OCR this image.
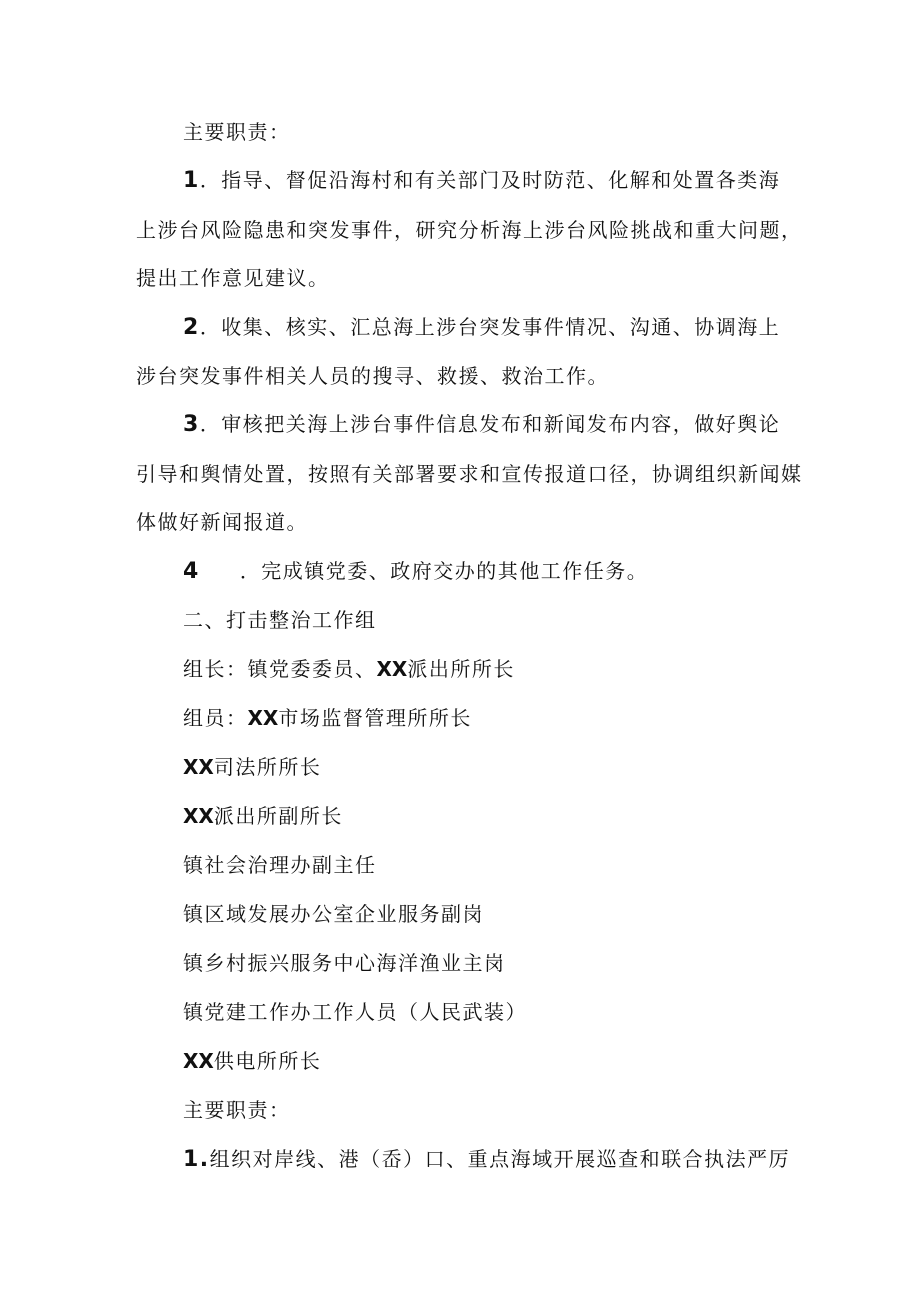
主要职责：
1．指导、督促沿海村和有关部门及时防范、化解和处置各类海
上涉台风险隐患和突发事件，研究分析海上涉台风险挑战和重大问题，
提出工作意见建议。
2．收集、核实、汇总海上涉台突发事件情况、沟通、协调海上
涉台突发事件相关人员的搜寻、救援、救治工作。
3．审核把关海上涉台事件信息发布和新闻发布内容，做好舆论
引导和舆情处置，按照有关部署要求和宣传报道口径，协调组织新闻媒
体做好新闻报道。
4 ．完成镇党委、政府交办的其他工作任务。
二、打击整治工作组
组长：镇党委委员、XX派出所所长
组员：XX市场监督管理所所长
XX司法所所长
XX派出所副所长
镇社会治理办副主任
镇区域发展办公室企业服务副岗
镇乡村振兴服务中心海洋渔业主岗
镇党建工作办工作人员（人民武装）
XX供电所所长
主要职责：
1.组织对岸线、港（岙）口、重点海域开展巡查和联合执法严厉
